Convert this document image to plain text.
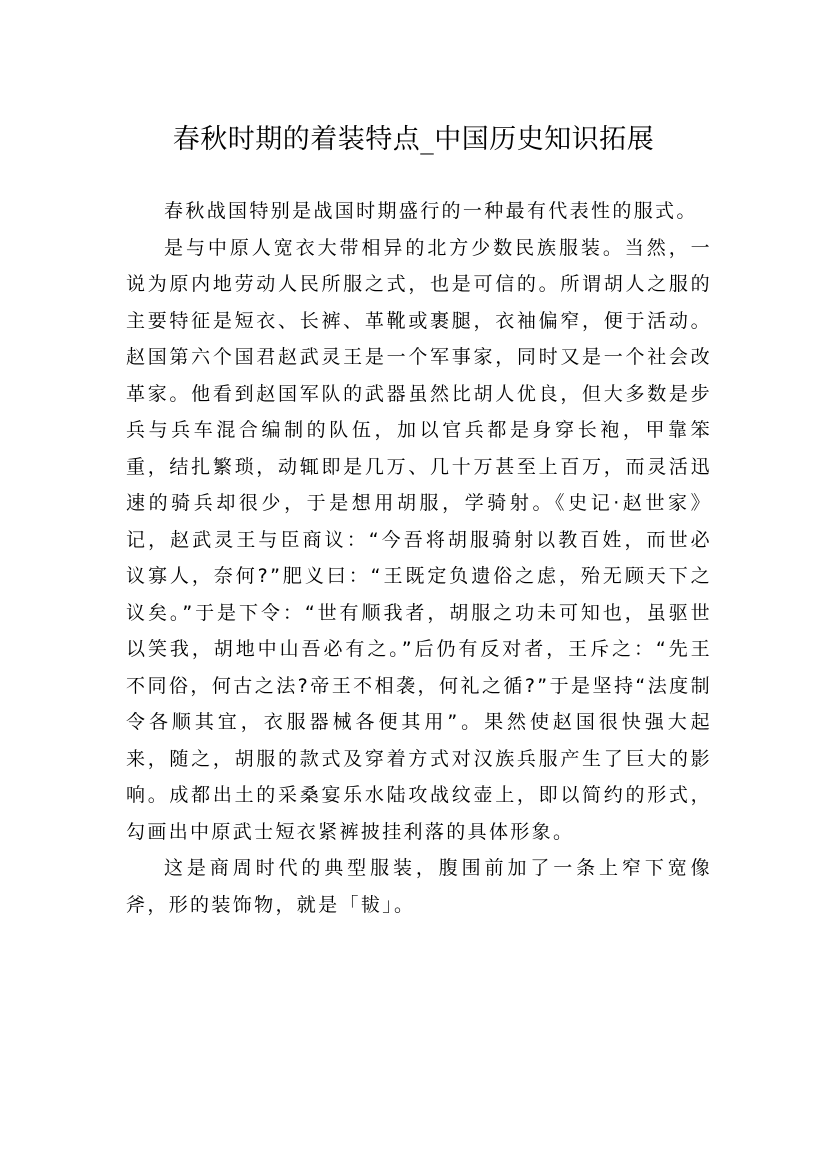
春秋时期的着装特点_中国历史知识拓展

春秋战国特别是战国时期盛行的一种最有代表性的服式。

是与中原人宽衣大带相异的北方少数民族服装。当然，一说为原内地劳动人民所服之式，也是可信的。所谓胡人之服的主要特征是短衣、长裤、革靴或裹腿，衣袖偏窄，便于活动。赵国第六个国君赵武灵王是一个军事家，同时又是一个社会改革家。他看到赵国军队的武器虽然比胡人优良，但大多数是步兵与兵车混合编制的队伍，加以官兵都是身穿长袍，甲靠笨重，结扎繁琐，动辄即是几万、几十万甚至上百万，而灵活迅速的骑兵却很少，于是想用胡服，学骑射。《史记·赵世家》记，赵武灵王与臣商议：“今吾将胡服骑射以教百姓，而世必议寡人，奈何?”肥义曰：“王既定负遗俗之虑，殆无顾天下之议矣。”于是下令：“世有顺我者，胡服之功未可知也，虽驱世以笑我，胡地中山吾必有之。”后仍有反对者，王斥之：“先王不同俗，何古之法?帝王不相袭，何礼之循?”于是坚持“法度制令各顺其宜，衣服器械各便其用”。果然使赵国很快强大起来，随之，胡服的款式及穿着方式对汉族兵服产生了巨大的影响。成都出土的采桑宴乐水陆攻战纹壶上，即以简约的形式，勾画出中原武士短衣紧裤披挂利落的具体形象。

这是商周时代的典型服装，腹围前加了一条上窄下宽像斧，形的装饰物，就是「韨」。
